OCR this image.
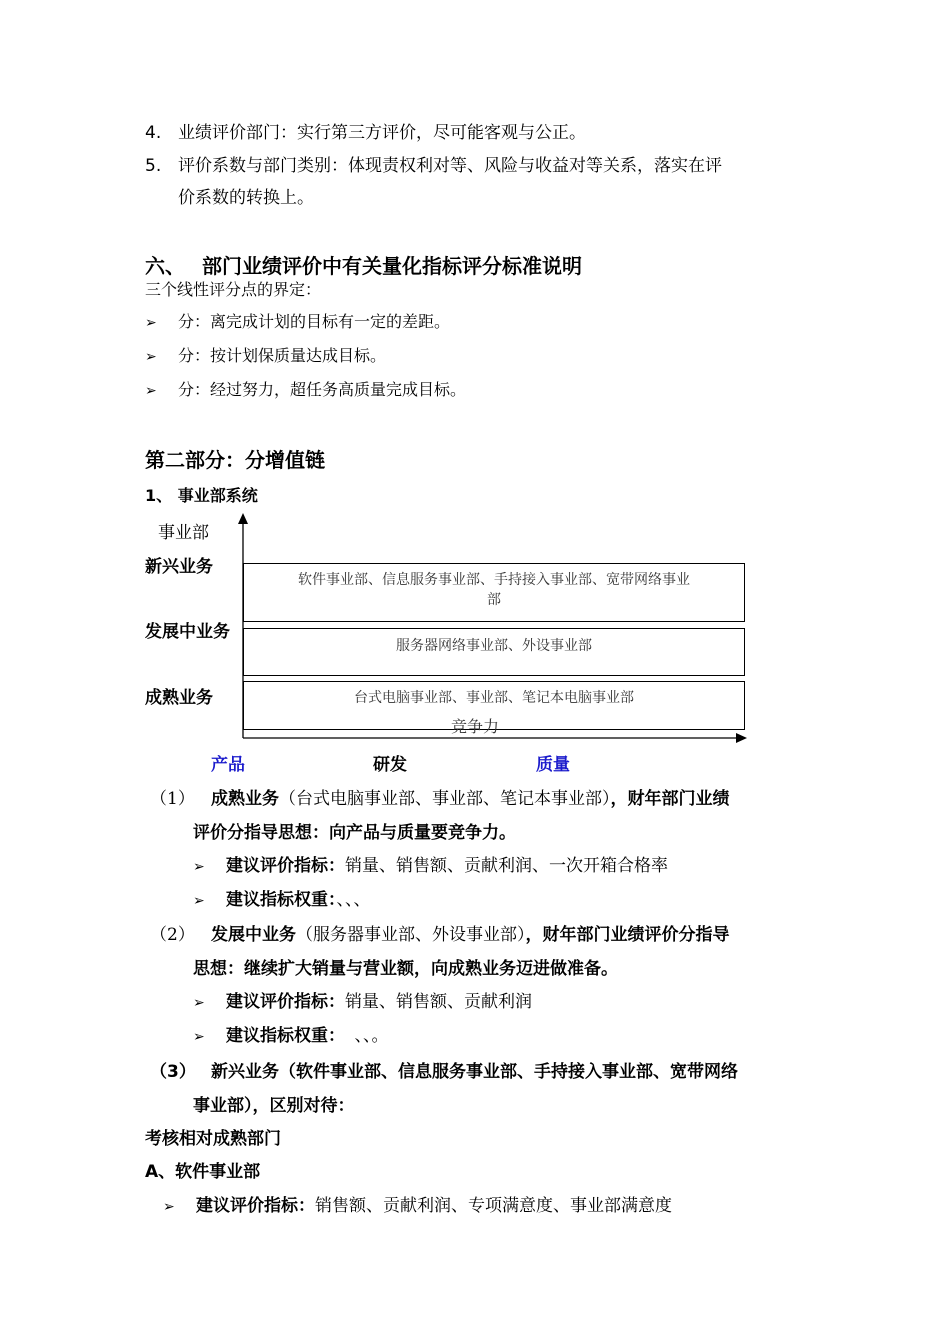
4. 业绩评价部门：实行第三方评价，尽可能客观与公正。
5. 评价系数与部门类别：体现责权利对等、风险与收益对等关系，落实在评
价系数的转换上。
六、 部门业绩评价中有关量化指标评分标准说明
三个线性评分点的界定：
➢ 分：离完成计划的目标有一定的差距。
➢ 分：按计划保质量达成目标。
➢ 分：经过努力，超任务高质量完成目标。
第二部分：分增值链
1、 事业部系统
事业部
新兴业务
发展中业务
成熟业务
软件事业部、信息服务事业部、手持接入事业部、宽带网络事业
部
服务器网络事业部、外设事业部
台式电脑事业部、事业部、笔记本电脑事业部
竞争力
产品	研发	质量
（1） 成熟业务（台式电脑事业部、事业部、笔记本事业部），财年部门业绩
评价分指导思想：向产品与质量要竞争力。
➢ 建议评价指标：销量、销售额、贡献利润、一次开箱合格率
➢ 建议指标权重：、、、
（2） 发展中业务（服务器事业部、外设事业部），财年部门业绩评价分指导
思想：继续扩大销量与营业额，向成熟业务迈进做准备。
➢ 建议评价指标：销量、销售额、贡献利润
➢ 建议指标权重： 、、。
（3） 新兴业务（软件事业部、信息服务事业部、手持接入事业部、宽带网络
事业部），区别对待：
考核相对成熟部门
A、软件事业部
➢ 建议评价指标：销售额、贡献利润、专项满意度、事业部满意度
